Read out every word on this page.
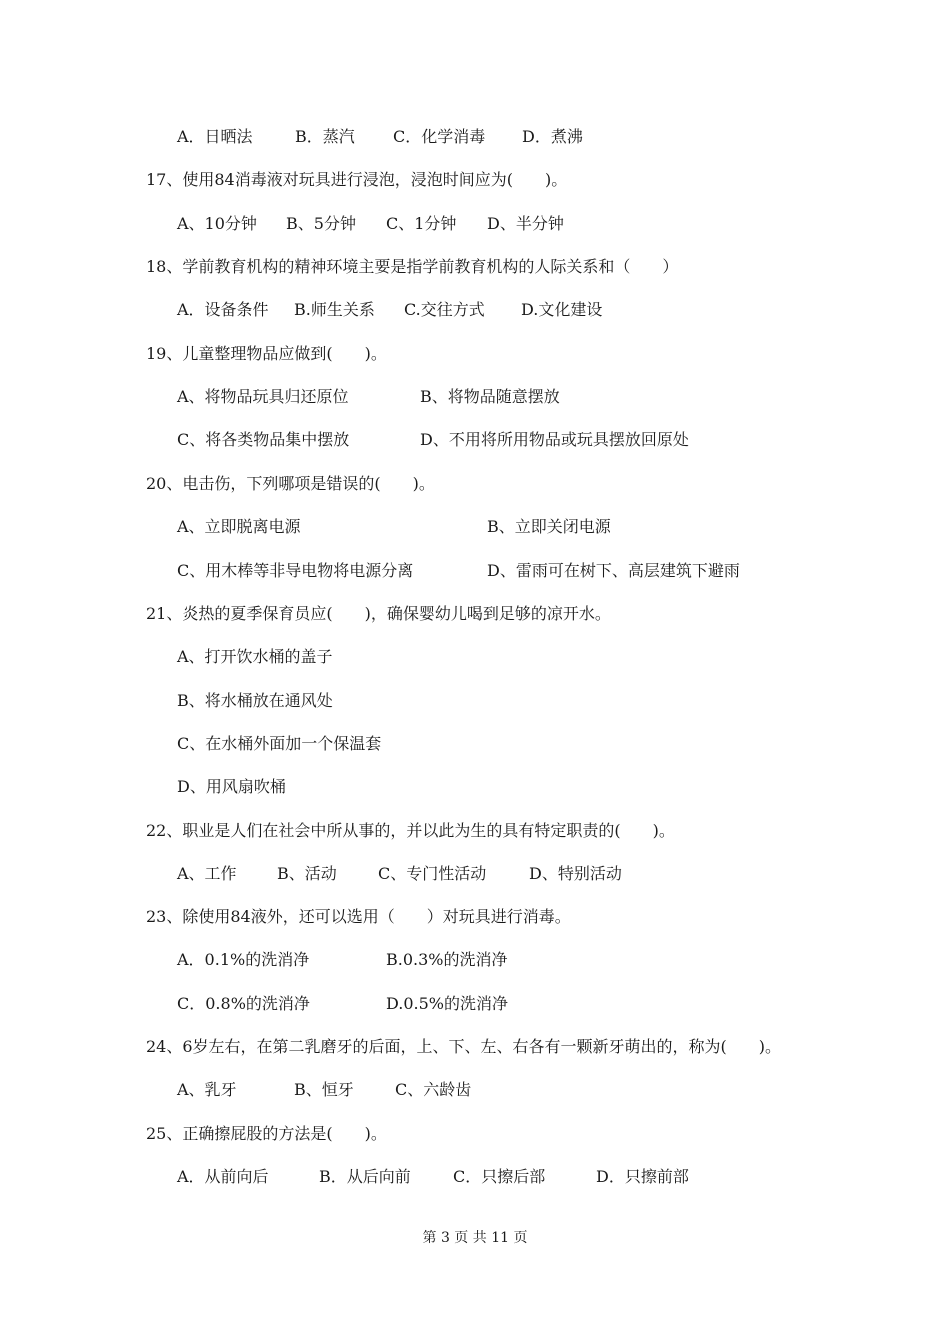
A．日晒法	B．蒸汽 C．化学消毒 D．煮沸
17、使用84消毒液对玩具进行浸泡，浸泡时间应为(　　)。
A、10分钟 B、5分钟 C、1分钟 D、半分钟
18、学前教育机构的精神环境主要是指学前教育机构的人际关系和（　　）
A．设备条件 B.师生关系 C.交往方式 D.文化建设
19、儿童整理物品应做到(　　)。
A、将物品玩具归还原位	B、将物品随意摆放
C、将各类物品集中摆放	D、不用将所用物品或玩具摆放回原处
20、电击伤，下列哪项是错误的(　　)。
A、立即脱离电源	B、立即关闭电源
C、用木棒等非导电物将电源分离	D、雷雨可在树下、高层建筑下避雨
21、炎热的夏季保育员应(　　)，确保婴幼儿喝到足够的凉开水。
A、打开饮水桶的盖子
B、将水桶放在通风处
C、在水桶外面加一个保温套
D、用风扇吹桶
22、职业是人们在社会中所从事的，并以此为生的具有特定职责的(　　)。
A、工作	B、活动	C、专门性活动	D、特别活动
23、除使用84液外，还可以选用（　　）对玩具进行消毒。
A．0.1%的洗消净	B.0.3%的洗消净
C．0.8%的洗消净	D.0.5%的洗消净
24、6岁左右，在第二乳磨牙的后面，上、下、左、右各有一颗新牙萌出的，称为(　　)。
A、乳牙	B、恒牙	C、六龄齿
25、正确擦屁股的方法是(　　)。
A．从前向后	B．从后向前	C．只擦后部	D．只擦前部
第 3 页 共 11 页
